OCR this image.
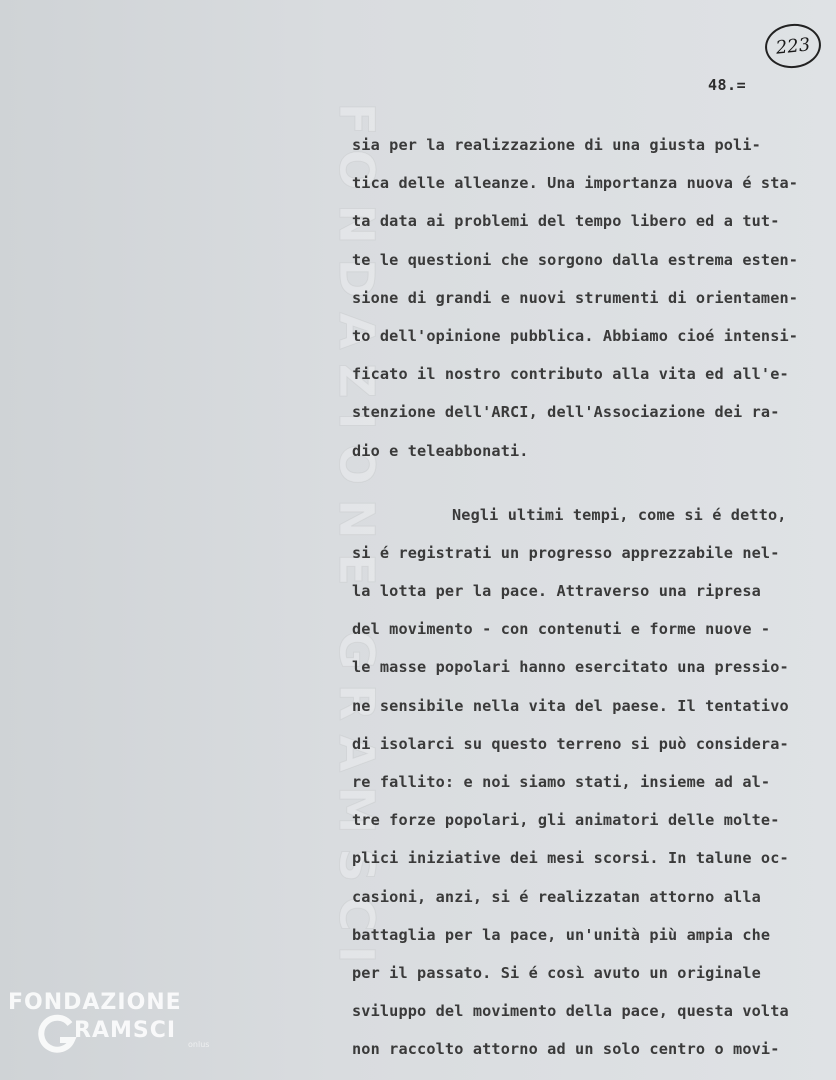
FONDAZIONE GRAMSCI
223
48.=
sia per la realizzazione di una giusta poli-
tica delle alleanze. Una importanza nuova é sta-
ta data ai problemi del tempo libero ed a tut-
te le questioni che sorgono dalla estrema esten-
sione di grandi e nuovi strumenti di orientamen-
to dell'opinione pubblica. Abbiamo cioé intensi-
ficato il nostro contributo alla vita ed all'e-
stenzione dell'ARCI, dell'Associazione dei ra-
dio e teleabbonati.
Negli ultimi tempi, come si é detto,
si é registrati un progresso apprezzabile nel-
la lotta per la pace. Attraverso una ripresa
del movimento - con contenuti e forme nuove -
le masse popolari hanno esercitato una pressio-
ne sensibile nella vita del paese. Il tentativo
di isolarci su questo terreno si può considera-
re fallito: e noi siamo stati, insieme ad al-
tre forze popolari, gli animatori delle molte-
plici iniziative dei mesi scorsi. In talune oc-
casioni, anzi, si é realizzatan attorno alla
battaglia per la pace, un'unità più ampia che
per il passato. Si é così avuto un originale
sviluppo del movimento della pace, questa volta
non raccolto attorno ad un solo centro o movi-
FONDAZIONE
RAMSCI
onlus
